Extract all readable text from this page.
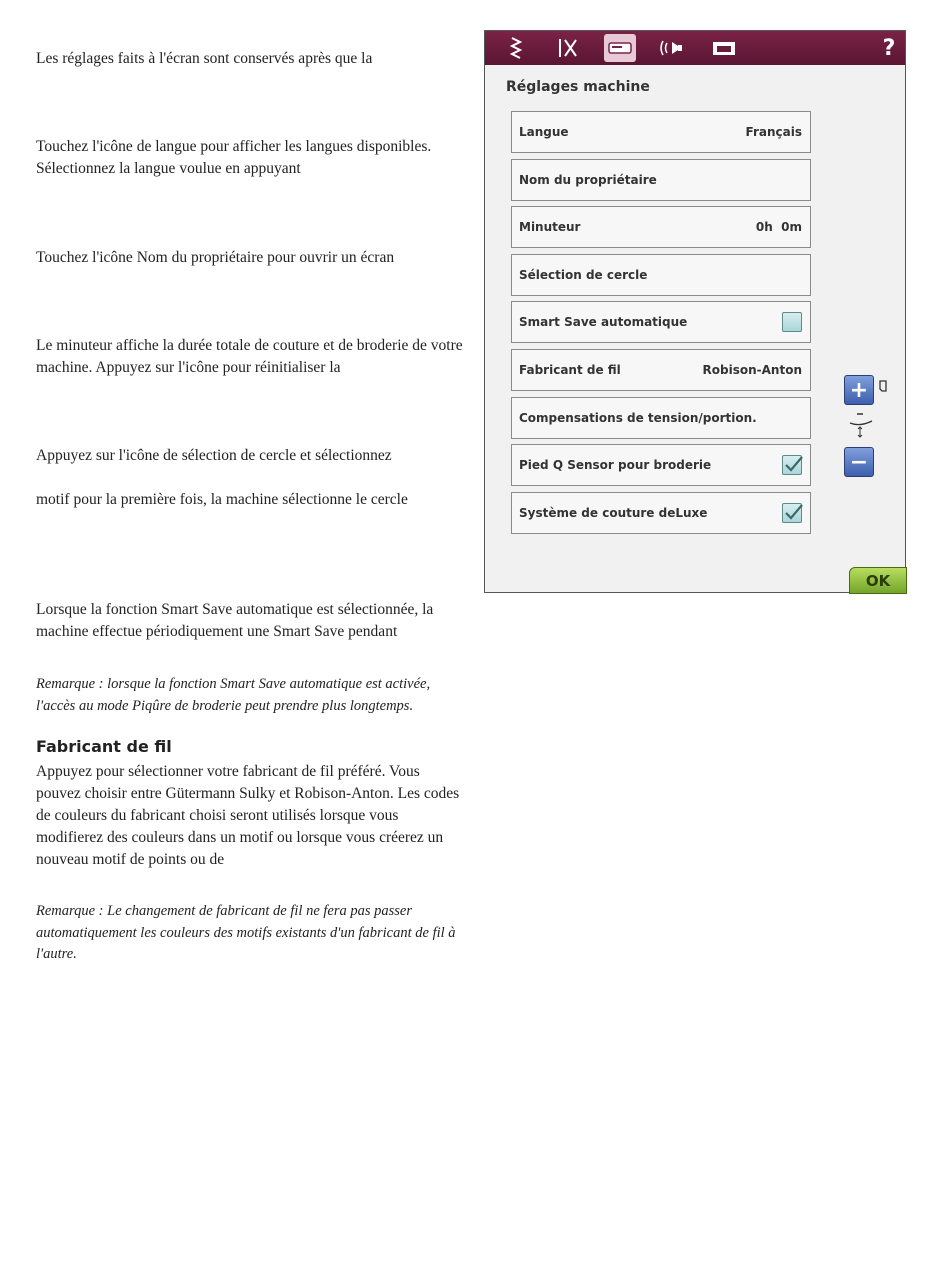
Les réglages faits à l'écran sont conservés après que la

Touchez l'icône de langue pour afficher les langues disponibles. Sélectionnez la langue voulue en appuyant

Touchez l'icône Nom du propriétaire pour ouvrir un écran

Le minuteur affiche la durée totale de couture et de broderie de votre machine. Appuyez sur l'icône pour réinitialiser la

Appuyez sur l'icône de sélection de cercle et sélectionnez

motif pour la première fois, la machine sélectionne le cercle

Lorsque la fonction Smart Save automatique est sélectionnée, la machine effectue périodiquement une Smart Save pendant

Remarque : lorsque la fonction Smart Save automatique est activée, l'accès au mode Piqûre de broderie peut prendre plus longtemps.

Fabricant de fil

Appuyez pour sélectionner votre fabricant de fil préféré. Vous pouvez choisir entre Gütermann Sulky et Robison-Anton. Les codes de couleurs du fabricant choisi seront utilisés lorsque vous modifierez des couleurs dans un motif ou lorsque vous créerez un nouveau motif de points ou de

Remarque : Le changement de fabricant de fil ne fera pas passer automatiquement les couleurs des motifs existants d'un fabricant de fil à l'autre.

?
Réglages machine
Langue	Français
Nom du propriétaire
Minuteur	0h  0m
Sélection de cercle
Smart Save automatique
Fabricant de fil	Robison-Anton
Compensations de tension/portion.
Pied Q Sensor pour broderie
Système de couture deLuxe
+
−
OK
